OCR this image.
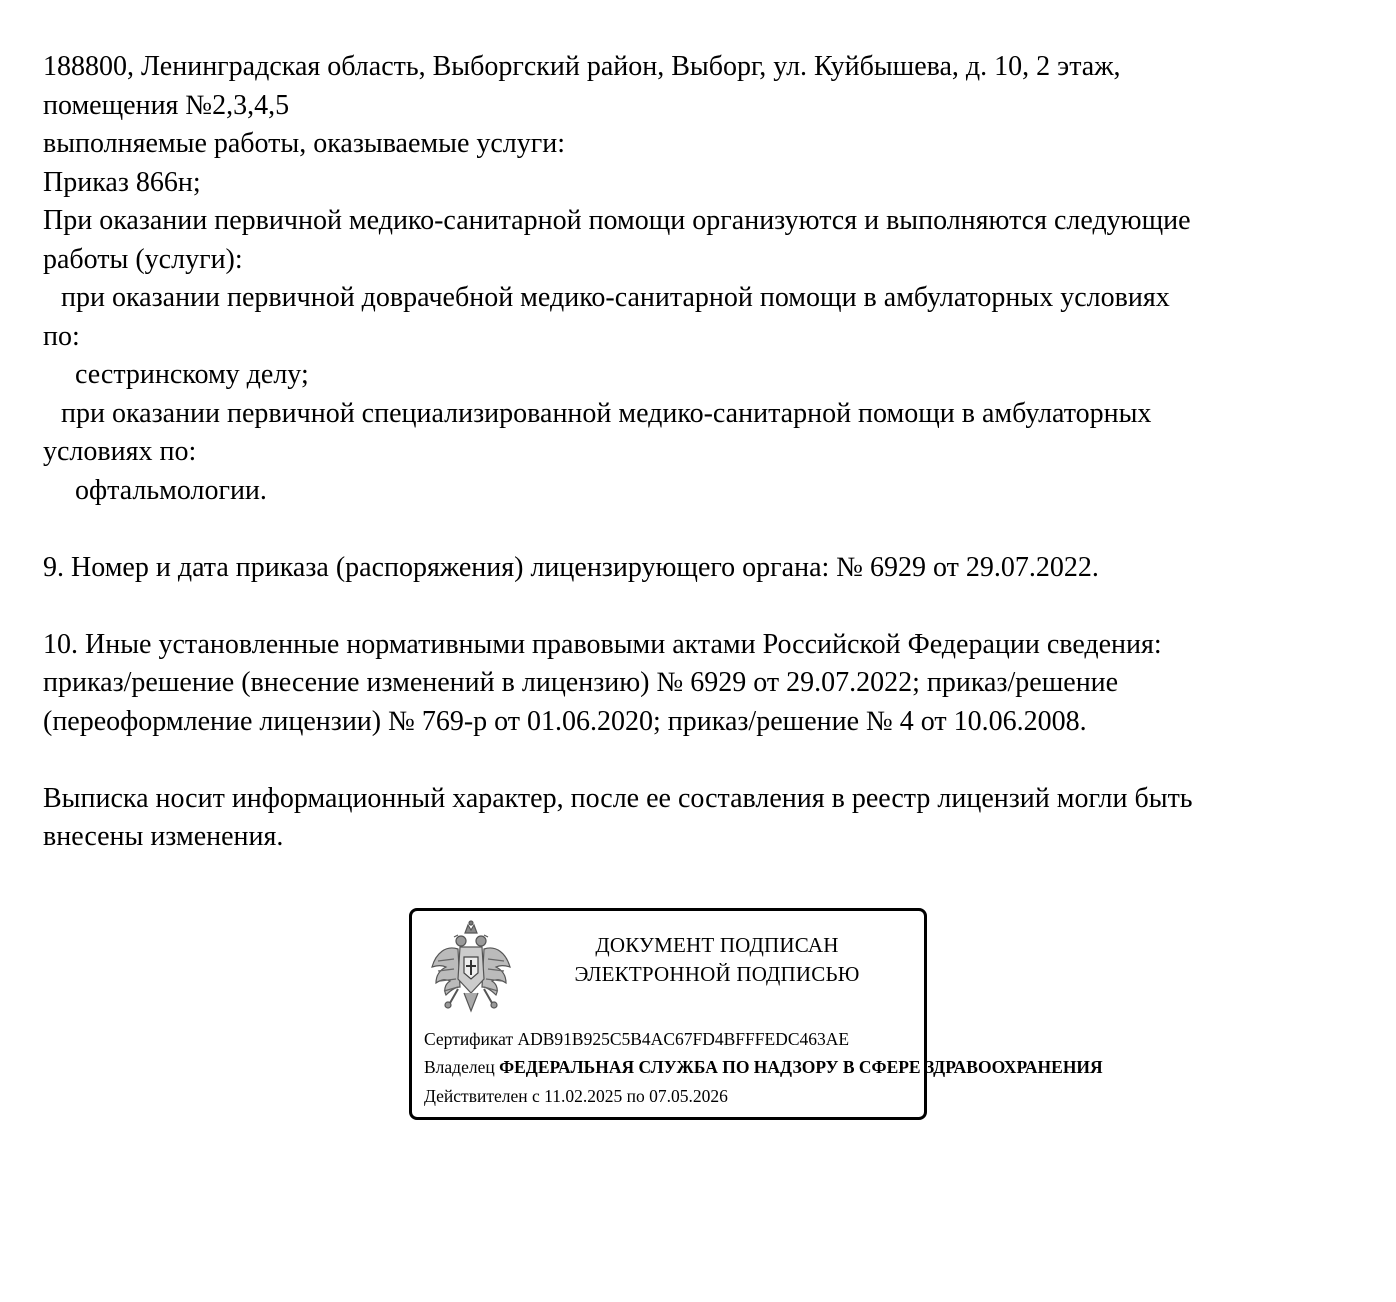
188800, Ленинградская область, Выборгский район, Выборг, ул. Куйбышева, д. 10, 2 этаж,

помещения №2,3,4,5

выполняемые работы, оказываемые услуги:

Приказ 866н;

При оказании первичной медико-санитарной помощи организуются и выполняются следующие

работы (услуги):

при оказании первичной доврачебной медико-санитарной помощи в амбулаторных условиях

по:

сестринскому делу;

при оказании первичной специализированной медико-санитарной помощи в амбулаторных

условиях по:

офтальмологии.

9. Номер и дата приказа (распоряжения) лицензирующего органа: № 6929 от 29.07.2022.

10. Иные установленные нормативными правовыми актами Российской Федерации сведения:

приказ/решение (внесение изменений в лицензию) № 6929 от 29.07.2022; приказ/решение

(переоформление лицензии) № 769-р от 01.06.2020; приказ/решение № 4 от 10.06.2008.

Выписка носит информационный характер, после ее составления в реестр лицензий могли быть

внесены изменения.

ДОКУМЕНТ ПОДПИСАН
ЭЛЕКТРОННОЙ ПОДПИСЬЮ
Сертификат ADB91B925C5B4AC67FD4BFFFEDC463AE
Владелец ФЕДЕРАЛЬНАЯ СЛУЖБА ПО НАДЗОРУ В СФЕРЕ ЗДРАВООХРАНЕНИЯ
Действителен с 11.02.2025 по 07.05.2026
